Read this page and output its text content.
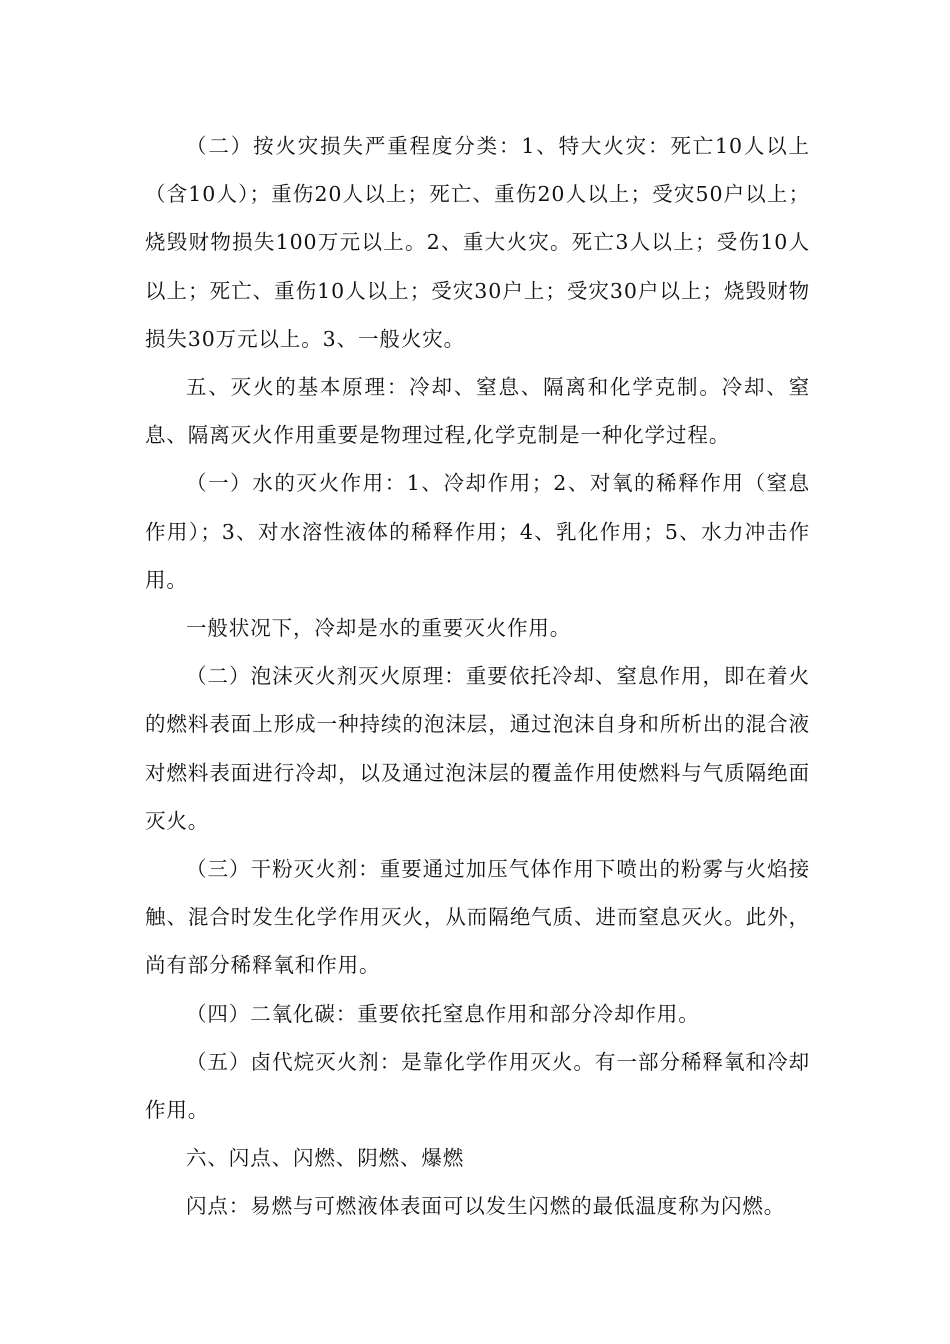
（二）按火灾损失严重程度分类：1、特大火灾：死亡10人以上（含10人）；重伤20人以上；死亡、重伤20人以上；受灾50户以上；烧毁财物损失100万元以上。2、重大火灾。死亡3人以上；受伤10人以上；死亡、重伤10人以上；受灾30户上；受灾30户以上；烧毁财物损失30万元以上。3、一般火灾。

五、灭火的基本原理：冷却、窒息、隔离和化学克制。冷却、窒息、隔离灭火作用重要是物理过程,化学克制是一种化学过程。

（一）水的灭火作用：1、冷却作用；2、对氧的稀释作用（窒息作用）；3、对水溶性液体的稀释作用；4、乳化作用；5、水力冲击作用。

一般状况下，冷却是水的重要灭火作用。

（二）泡沫灭火剂灭火原理：重要依托冷却、窒息作用，即在着火的燃料表面上形成一种持续的泡沫层，通过泡沫自身和所析出的混合液对燃料表面进行冷却，以及通过泡沫层的覆盖作用使燃料与气质隔绝面灭火。

（三）干粉灭火剂：重要通过加压气体作用下喷出的粉雾与火焰接触、混合时发生化学作用灭火，从而隔绝气质、进而窒息灭火。此外，尚有部分稀释氧和作用。

（四）二氧化碳：重要依托窒息作用和部分冷却作用。

（五）卤代烷灭火剂：是靠化学作用灭火。有一部分稀释氧和冷却作用。

六、闪点、闪燃、阴燃、爆燃

闪点：易燃与可燃液体表面可以发生闪燃的最低温度称为闪燃。
